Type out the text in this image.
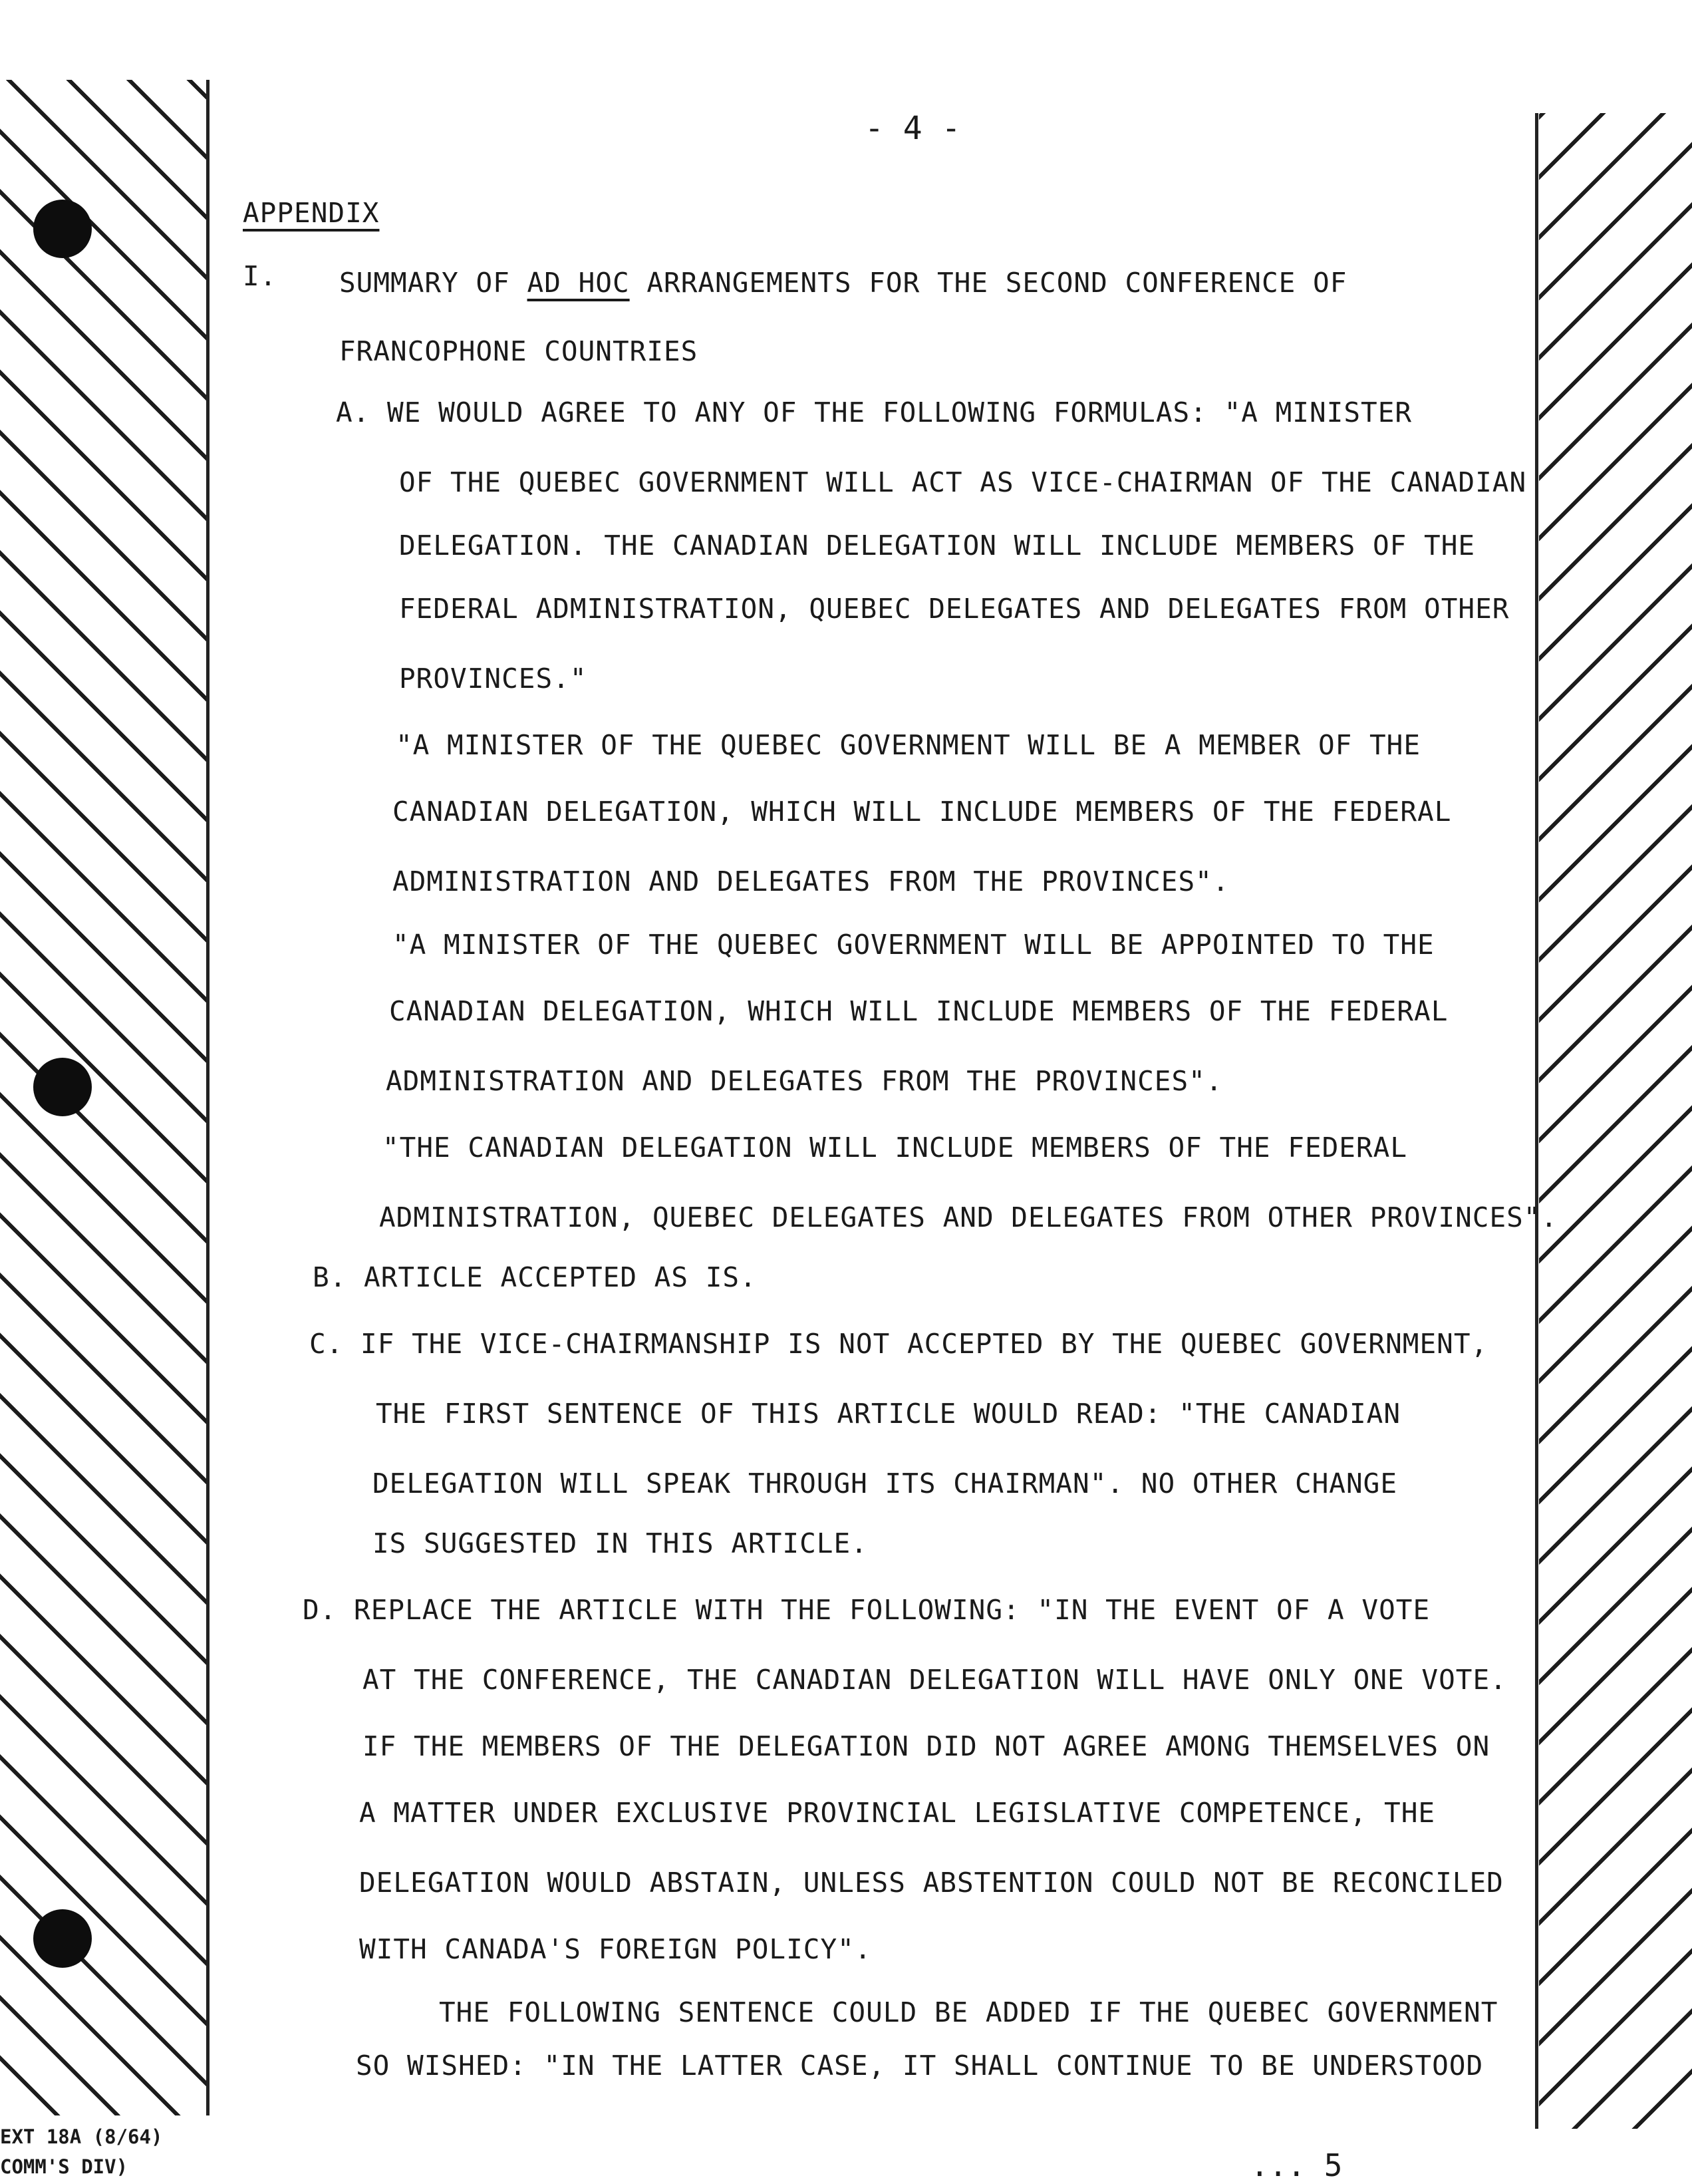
- 4 -
APPENDIX
I. SUMMARY OF AD HOC ARRANGEMENTS FOR THE SECOND CONFERENCE OF
FRANCOPHONE COUNTRIES
A. WE WOULD AGREE TO ANY OF THE FOLLOWING FORMULAS: "A MINISTER
OF THE QUEBEC GOVERNMENT WILL ACT AS VICE-CHAIRMAN OF THE CANADIAN
DELEGATION. THE CANADIAN DELEGATION WILL INCLUDE MEMBERS OF THE
FEDERAL ADMINISTRATION, QUEBEC DELEGATES AND DELEGATES FROM OTHER
PROVINCES."
"A MINISTER OF THE QUEBEC GOVERNMENT WILL BE A MEMBER OF THE
CANADIAN DELEGATION, WHICH WILL INCLUDE MEMBERS OF THE FEDERAL
ADMINISTRATION AND DELEGATES FROM THE PROVINCES".
"A MINISTER OF THE QUEBEC GOVERNMENT WILL BE APPOINTED TO THE
CANADIAN DELEGATION, WHICH WILL INCLUDE MEMBERS OF THE FEDERAL
ADMINISTRATION AND DELEGATES FROM THE PROVINCES".
"THE CANADIAN DELEGATION WILL INCLUDE MEMBERS OF THE FEDERAL
ADMINISTRATION, QUEBEC DELEGATES AND DELEGATES FROM OTHER PROVINCES".
B. ARTICLE ACCEPTED AS IS.
C. IF THE VICE-CHAIRMANSHIP IS NOT ACCEPTED BY THE QUEBEC GOVERNMENT,
THE FIRST SENTENCE OF THIS ARTICLE WOULD READ: "THE CANADIAN
DELEGATION WILL SPEAK THROUGH ITS CHAIRMAN". NO OTHER CHANGE
IS SUGGESTED IN THIS ARTICLE.
D. REPLACE THE ARTICLE WITH THE FOLLOWING: "IN THE EVENT OF A VOTE
AT THE CONFERENCE, THE CANADIAN DELEGATION WILL HAVE ONLY ONE VOTE.
IF THE MEMBERS OF THE DELEGATION DID NOT AGREE AMONG THEMSELVES ON
A MATTER UNDER EXCLUSIVE PROVINCIAL LEGISLATIVE COMPETENCE, THE
DELEGATION WOULD ABSTAIN, UNLESS ABSTENTION COULD NOT BE RECONCILED
WITH CANADA'S FOREIGN POLICY".
THE FOLLOWING SENTENCE COULD BE ADDED IF THE QUEBEC GOVERNMENT
SO WISHED: "IN THE LATTER CASE, IT SHALL CONTINUE TO BE UNDERSTOOD
... 5
EXT 18A (8/64)
COMM'S DIV)
